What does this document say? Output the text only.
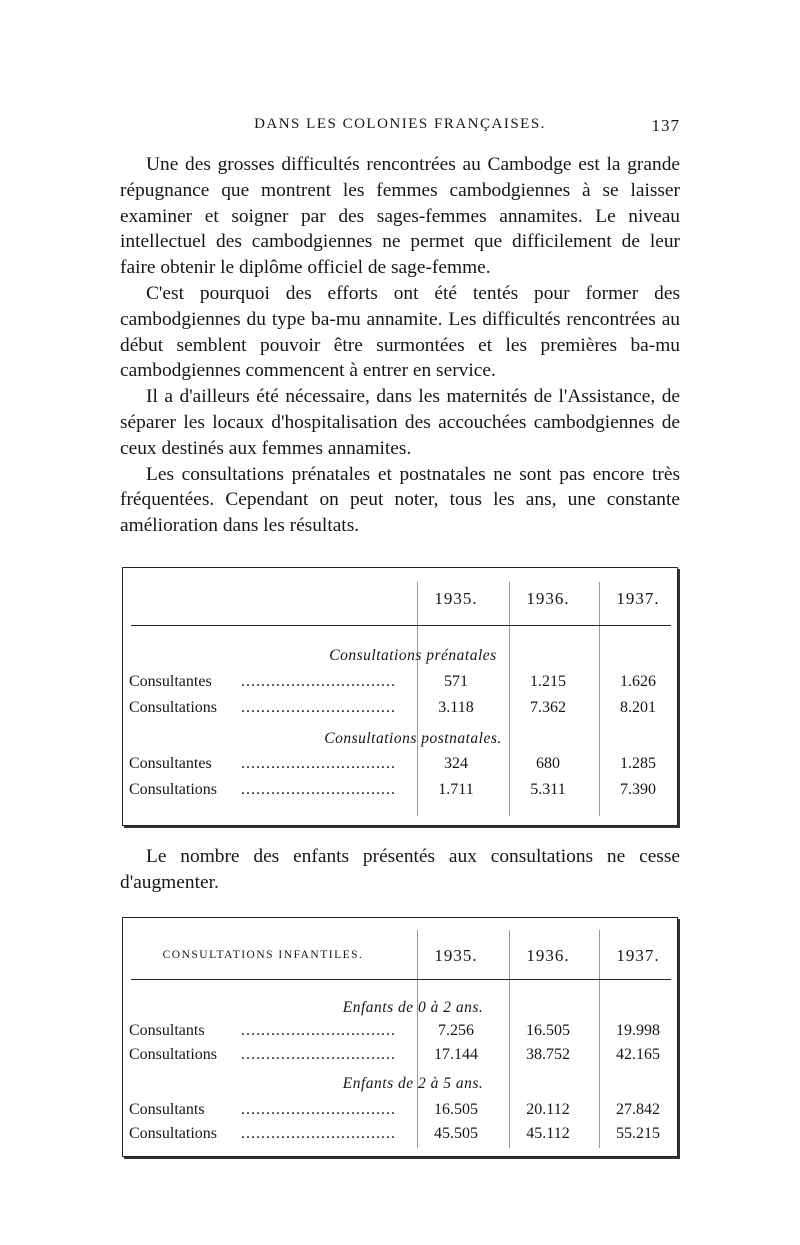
DANS LES COLONIES FRANÇAISES.	137

Une des grosses difficultés rencontrées au Cambodge est la grande répugnance que montrent les femmes cambodgiennes à se laisser examiner et soigner par des sages-femmes annamites. Le niveau intellectuel des cambodgiennes ne permet que difficilement de leur faire obtenir le diplôme officiel de sage-femme.

C'est pourquoi des efforts ont été tentés pour former des cambodgiennes du type ba-mu annamite. Les difficultés rencontrées au début semblent pouvoir être surmontées et les premières ba-mu cambodgiennes commencent à entrer en service.

Il a d'ailleurs été nécessaire, dans les maternités de l'Assistance, de séparer les locaux d'hospitalisation des accouchées cambodgiennes de ceux destinés aux femmes annamites.

Les consultations prénatales et postnatales ne sont pas encore très fréquentées. Cependant on peut noter, tous les ans, une constante amélioration dans les résultats.

1935.	1936.	1937.
Consultations prénatales
Consultantes ...............................	571	1.215	1.626
Consultations ...............................	3.118	7.362	8.201
Consultations postnatales.
Consultantes ...............................	324	680	1.285
Consultations ...............................	1.711	5.311	7.390

Le nombre des enfants présentés aux consultations ne cesse d'augmenter.

CONSULTATIONS INFANTILES.	1935.	1936.	1937.
Enfants de 0 à 2 ans.
Consultants ...............................	7.256	16.505	19.998
Consultations ...............................	17.144	38.752	42.165
Enfants de 2 à 5 ans.
Consultants ...............................	16.505	20.112	27.842
Consultations ...............................	45.505	45.112	55.215
